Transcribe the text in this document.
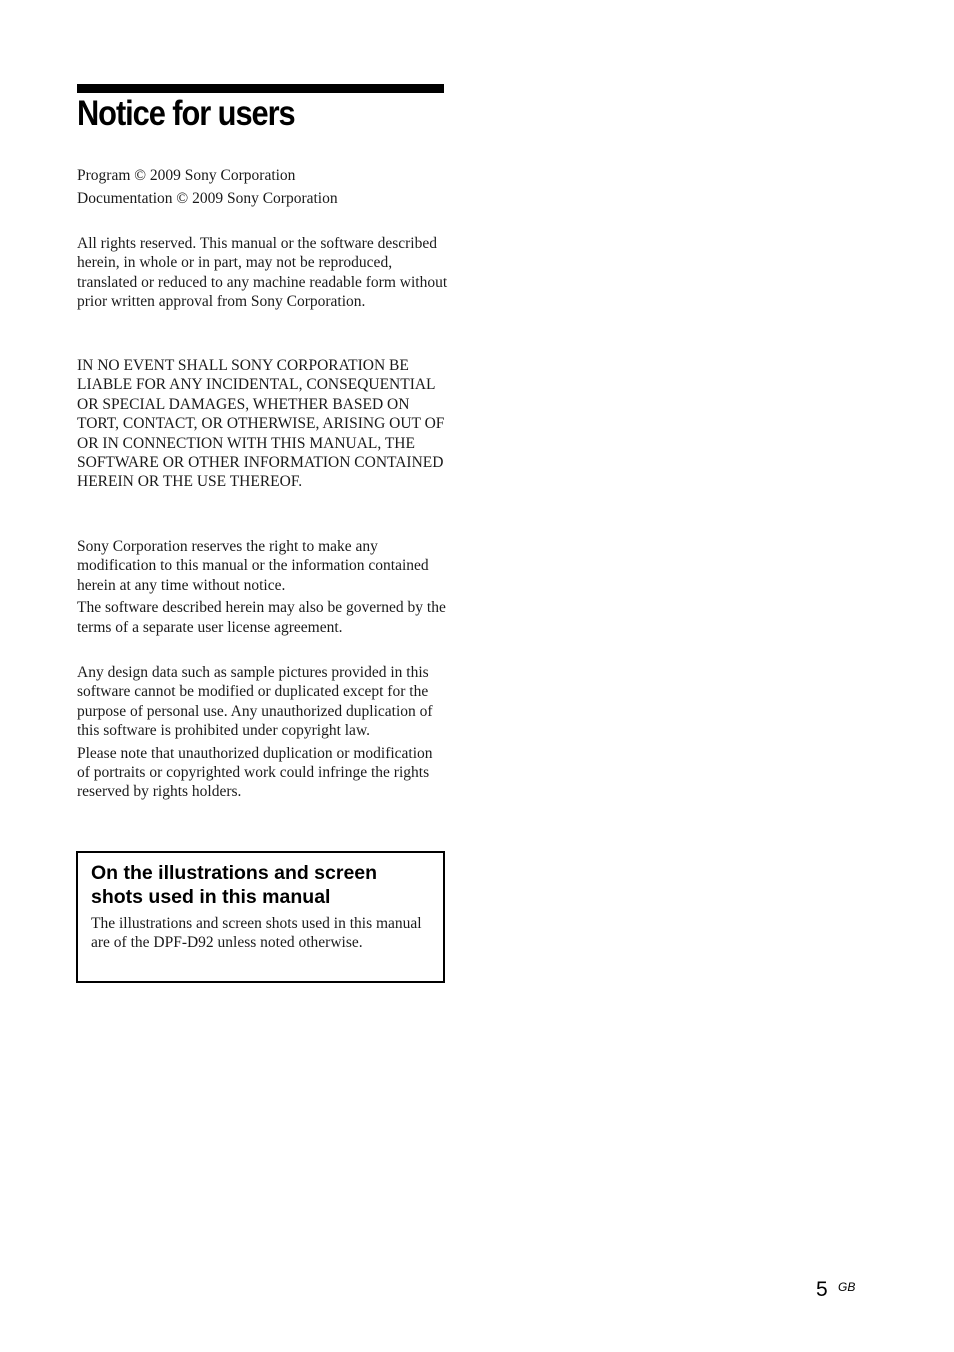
Notice for users

Program © 2009 Sony Corporation

Documentation © 2009 Sony Corporation

All rights reserved. This manual or the software described herein, in whole or in part, may not be reproduced, translated or reduced to any machine readable form without prior written approval from Sony Corporation.

IN NO EVENT SHALL SONY CORPORATION BE LIABLE FOR ANY INCIDENTAL, CONSEQUENTIAL OR SPECIAL DAMAGES, WHETHER BASED ON TORT, CONTACT, OR OTHERWISE, ARISING OUT OF OR IN CONNECTION WITH THIS MANUAL, THE SOFTWARE OR OTHER INFORMATION CONTAINED HEREIN OR THE USE THEREOF.

Sony Corporation reserves the right to make any modification to this manual or the information contained herein at any time without notice.

The software described herein may also be governed by the terms of a separate user license agreement.

Any design data such as sample pictures provided in this software cannot be modified or duplicated except for the purpose of personal use. Any unauthorized duplication of this software is prohibited under copyright law.

Please note that unauthorized duplication or modification of portraits or copyrighted work could infringe the rights reserved by rights holders.

On the illustrations and screen shots used in this manual

The illustrations and screen shots used in this manual are of the DPF-D92 unless noted otherwise.

5 GB
